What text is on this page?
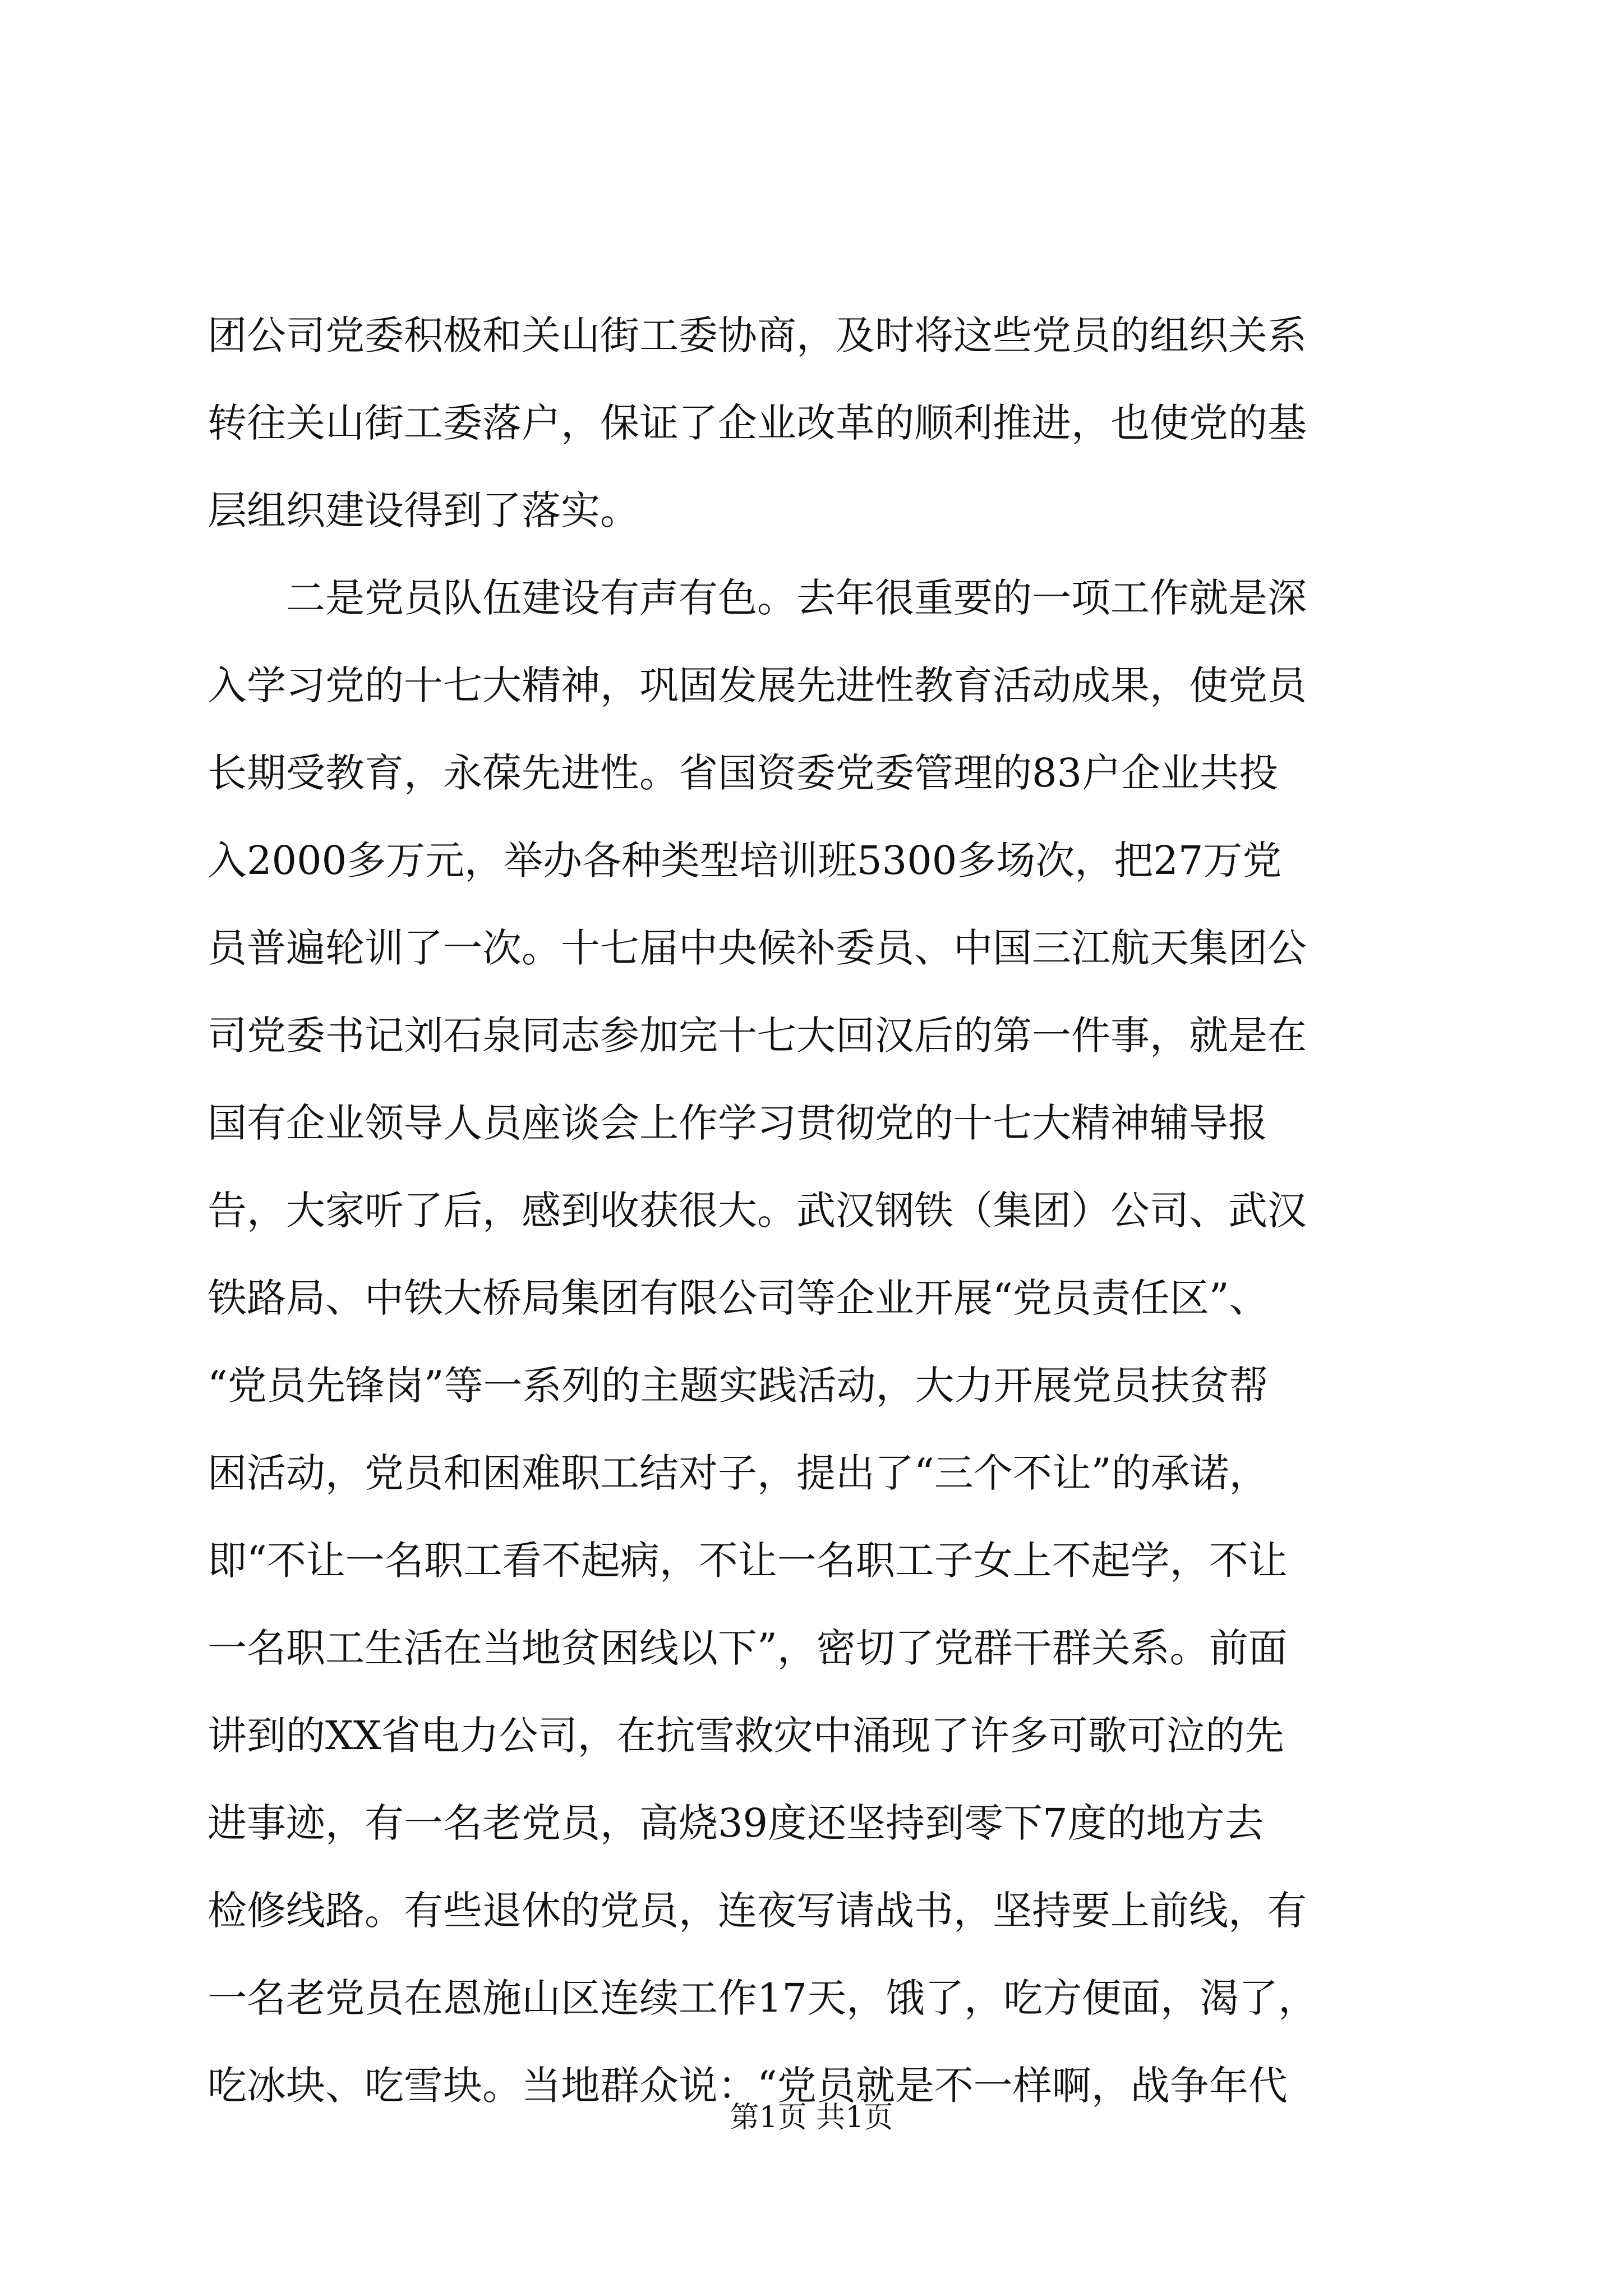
团公司党委积极和关山街工委协商，及时将这些党员的组织关系
转往关山街工委落户，保证了企业改革的顺利推进，也使党的基
层组织建设得到了落实。
二是党员队伍建设有声有色。去年很重要的一项工作就是深
入学习党的十七大精神，巩固发展先进性教育活动成果，使党员
长期受教育，永葆先进性。省国资委党委管理的83户企业共投
入2000多万元，举办各种类型培训班5300多场次，把27万党
员普遍轮训了一次。十七届中央候补委员、中国三江航天集团公
司党委书记刘石泉同志参加完十七大回汉后的第一件事，就是在
国有企业领导人员座谈会上作学习贯彻党的十七大精神辅导报
告，大家听了后，感到收获很大。武汉钢铁（集团）公司、武汉
铁路局、中铁大桥局集团有限公司等企业开展“党员责任区”、
“党员先锋岗”等一系列的主题实践活动，大力开展党员扶贫帮
困活动，党员和困难职工结对子，提出了“三个不让”的承诺，
即“不让一名职工看不起病，不让一名职工子女上不起学，不让
一名职工生活在当地贫困线以下”，密切了党群干群关系。前面
讲到的XX省电力公司，在抗雪救灾中涌现了许多可歌可泣的先
进事迹，有一名老党员，高烧39度还坚持到零下7度的地方去
检修线路。有些退休的党员，连夜写请战书，坚持要上前线，有
一名老党员在恩施山区连续工作17天，饿了，吃方便面，渴了，
吃冰块、吃雪块。当地群众说：“党员就是不一样啊，战争年代
第1页 共1页
